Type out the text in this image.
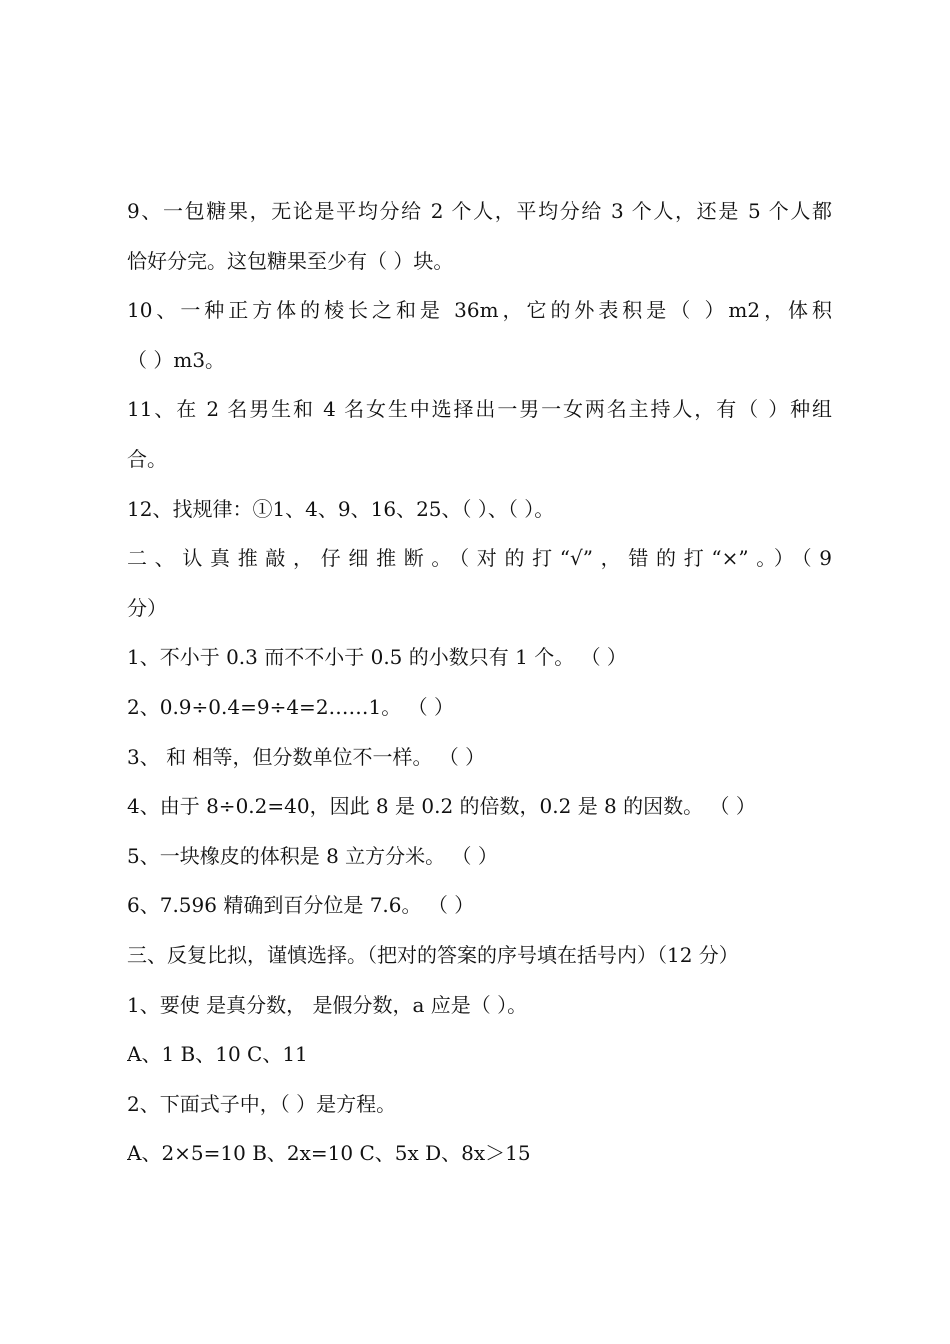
9、一包糖果，无论是平均分给 2 个人，平均分给 3 个人，还是 5 个人都
恰好分完。这包糖果至少有（ ）块。
10、一种正方体的棱长之和是 36m，它的外表积是（ ）m2，体积
（ ）m3。
11、在 2 名男生和 4 名女生中选择出一男一女两名主持人，有（ ）种组
合。
12、找规律：①1、4、9、16、25、（ ）、（ ）。
二、认真推敲，仔细推断。（对的打“√”，错的打“×”。）（9
分）
1、不小于 0.3 而不不小于 0.5 的小数只有 1 个。 （ ）
2、0.9÷0.4=9÷4=2……1。 （ ）
3、 和 相等，但分数单位不一样。 （ ）
4、由于 8÷0.2=40，因此 8 是 0.2 的倍数，0.2 是 8 的因数。 （ ）
5、一块橡皮的体积是 8 立方分米。 （ ）
6、7.596 精确到百分位是 7.6。 （ ）
三、反复比拟，谨慎选择。（把对的答案的序号填在括号内）（12 分）
1、要使 是真分数， 是假分数，a 应是（ ）。
A、1 B、10 C、11
2、下面式子中，（ ）是方程。
A、2×5=10 B、2x=10 C、5x D、8x＞15
